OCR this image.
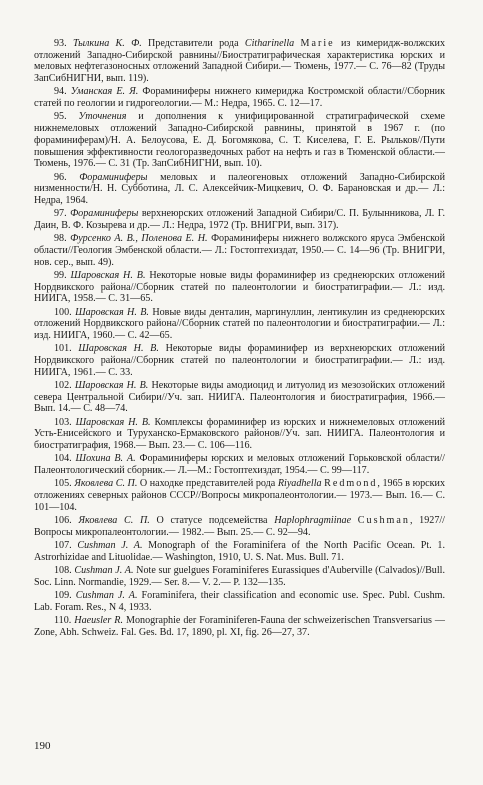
93. Тылкина К. Ф. Представители рода Citharinella Marie из кимеридж-волжских отложений Западно-Сибирской равнины//Биостратиграфическая характеристика юрских и меловых нефтегазоносных отложений Западной Сибири.— Тюмень, 1977.— С. 76—82 (Труды ЗапСибНИГНИ, вып. 119).

94. Уманская Е. Я. Фораминиферы нижнего кимериджа Костромской области//Сборник статей по геологии и гидрогеологии.— М.: Недра, 1965. С. 12—17.

95. Уточнения и дополнения к унифицированной стратиграфической схеме нижнемеловых отложений Западно-Сибирской равнины, принятой в 1967 г. (по фораминиферам)/Н. А. Белоусова, Е. Д. Богомякова, С. Т. Киселева, Г. Е. Рыльков//Пути повышения эффективности геологоразведочных работ на нефть и газ в Тюменской области.— Тюмень, 1976.— С. 31 (Тр. ЗапСибНИГНИ, вып. 10).

96. Фораминиферы меловых и палеогеновых отложений Западно-Сибирской низменности/Н. Н. Субботина, Л. С. Алексейчик-Мицкевич, О. Ф. Барановская и др.— Л.: Недра, 1964.

97. Фораминиферы верхнеюрских отложений Западной Сибири/С. П. Булынникова, Л. Г. Даин, В. Ф. Козырева и др.— Л.: Недра, 1972 (Тр. ВНИГРИ, вып. 317).

98. Фурсенко А. В., Поленова Е. Н. Фораминиферы нижнего волжского яруса Эмбенской области//Геология Эмбенской области.— Л.: Гостоптехиздат, 1950.— С. 14—96 (Тр. ВНИГРИ, нов. сер., вып. 49).

99. Шаровская Н. В. Некоторые новые виды фораминифер из среднеюрских отложений Нордвикского района//Сборник статей по палеонтологии и биостратиграфии.— Л.: изд. НИИГА, 1958.— С. 31—65.

100. Шаровская Н. В. Новые виды денталин, маргинуллин, лентикулин из среднеюрских отложений Нордвикского района//Сборник статей по палеонтологии и биостратиграфии.— Л.: изд. НИИГА, 1960.— С. 42—65.

101. Шаровская Н. В. Некоторые виды фораминифер из верхнеюрских отложений Нордвикского района//Сборник статей по палеонтологии и биостратиграфии.— Л.: изд. НИИГА, 1961.— С. 33.

102. Шаровская Н. В. Некоторые виды амодиоцид и литуолид из мезозойских отложений севера Центральной Сибири//Уч. зап. НИИГА. Палеонтология и биостратиграфия, 1966.— Вып. 14.— С. 48—74.

103. Шаровская Н. В. Комплексы фораминифер из юрских и нижнемеловых отложений Усть-Енисейского и Туруханско-Ермаковского районов//Уч. зап. НИИГА. Палеонтология и биостратиграфия, 1968.— Вып. 23.— С. 106—116.

104. Шохина В. А. Фораминиферы юрских и меловых отложений Горьковской области//Палеонтологический сборник.— Л.—М.: Гостоптехиздат, 1954.— С. 99—117.

105. Яковлева С. П. О находке представителей рода Riyadhella Redmond, 1965 в юрских отложениях северных районов СССР//Вопросы микропалеонтологии.— 1973.— Вып. 16.— С. 101—104.

106. Яковлева С. П. О статусе подсемейства Haplophragmiinae Cushman, 1927//Вопросы микропалеонтологии.— 1982.— Вып. 25.— С. 92—94.

107. Cushman J. A. Monograph of the Foraminifera of the North Pacific Ocean. Pt. 1. Astrorhizidae and Lituolidae.— Washington, 1910, U. S. Nat. Mus. Bull. 71.

108. Cushman J. A. Note sur guelgues Foraminiferes Eurassiques d'Auberville (Calvados)//Bull. Soc. Linn. Normandie, 1929.— Ser. 8.— V. 2.— P. 132—135.

109. Cushman J. A. Foraminifera, their classification and economic use. Spec. Publ. Cushm. Lab. Foram. Res., N 4, 1933.

110. Haeusler R. Monographie der Foraminiferen-Fauna der schweizerischen Transversarius — Zone, Abh. Schweiz. Fal. Ges. Bd. 17, 1890, pl. XI, fig. 26—27, 37.

190
